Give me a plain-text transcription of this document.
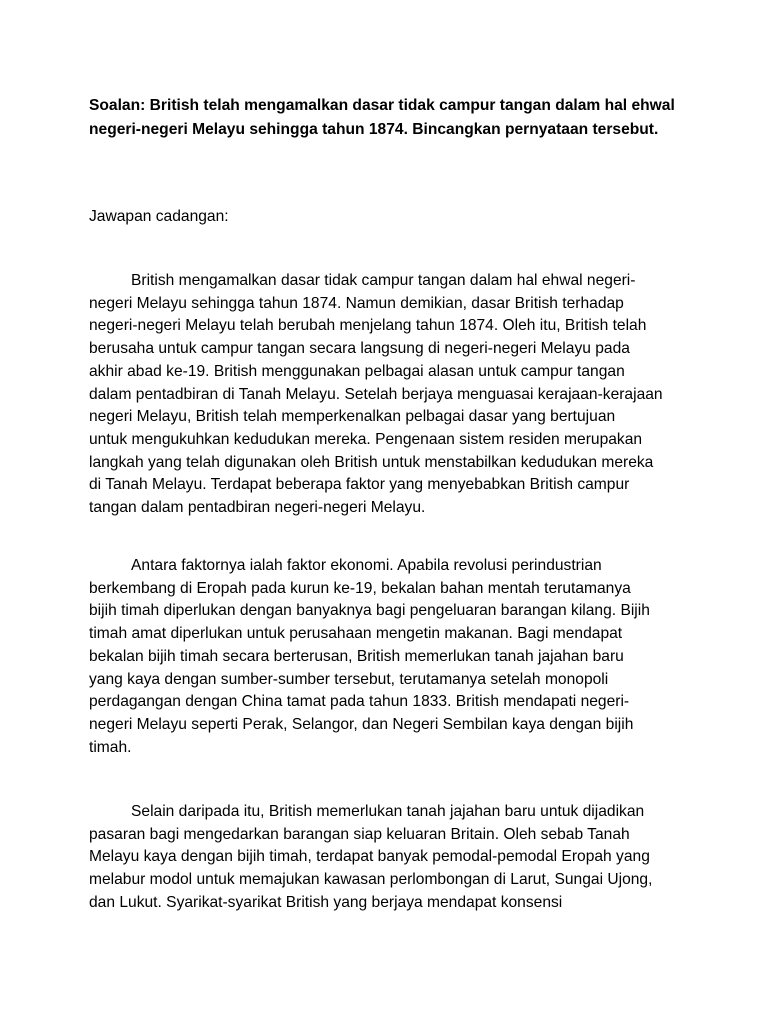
Soalan: British telah mengamalkan dasar tidak campur tangan dalam hal ehwal
negeri-negeri Melayu sehingga tahun 1874. Bincangkan pernyataan tersebut.

Jawapan cadangan:

British mengamalkan dasar tidak campur tangan dalam hal ehwal negeri-
negeri Melayu sehingga tahun 1874. Namun demikian, dasar British terhadap
negeri-negeri Melayu telah berubah menjelang tahun 1874. Oleh itu, British telah
berusaha untuk campur tangan secara langsung di negeri-negeri Melayu pada
akhir abad ke-19. British menggunakan pelbagai alasan untuk campur tangan
dalam pentadbiran di Tanah Melayu. Setelah berjaya menguasai kerajaan-kerajaan
negeri Melayu, British telah memperkenalkan pelbagai dasar yang bertujuan
untuk mengukuhkan kedudukan mereka. Pengenaan sistem residen merupakan
langkah yang telah digunakan oleh British untuk menstabilkan kedudukan mereka
di Tanah Melayu. Terdapat beberapa faktor yang menyebabkan British campur
tangan dalam pentadbiran negeri-negeri Melayu.

Antara faktornya ialah faktor ekonomi. Apabila revolusi perindustrian
berkembang di Eropah pada kurun ke-19, bekalan bahan mentah terutamanya
bijih timah diperlukan dengan banyaknya bagi pengeluaran barangan kilang. Bijih
timah amat diperlukan untuk perusahaan mengetin makanan. Bagi mendapat
bekalan bijih timah secara berterusan, British memerlukan tanah jajahan baru
yang kaya dengan sumber-sumber tersebut, terutamanya setelah monopoli
perdagangan dengan China tamat pada tahun 1833. British mendapati negeri-
negeri Melayu seperti Perak, Selangor, dan Negeri Sembilan kaya dengan bijih
timah.

Selain daripada itu, British memerlukan tanah jajahan baru untuk dijadikan
pasaran bagi mengedarkan barangan siap keluaran Britain. Oleh sebab Tanah
Melayu kaya dengan bijih timah, terdapat banyak pemodal-pemodal Eropah yang
melabur modol untuk memajukan kawasan perlombongan di Larut, Sungai Ujong,
dan Lukut. Syarikat-syarikat British yang berjaya mendapat konsensi
